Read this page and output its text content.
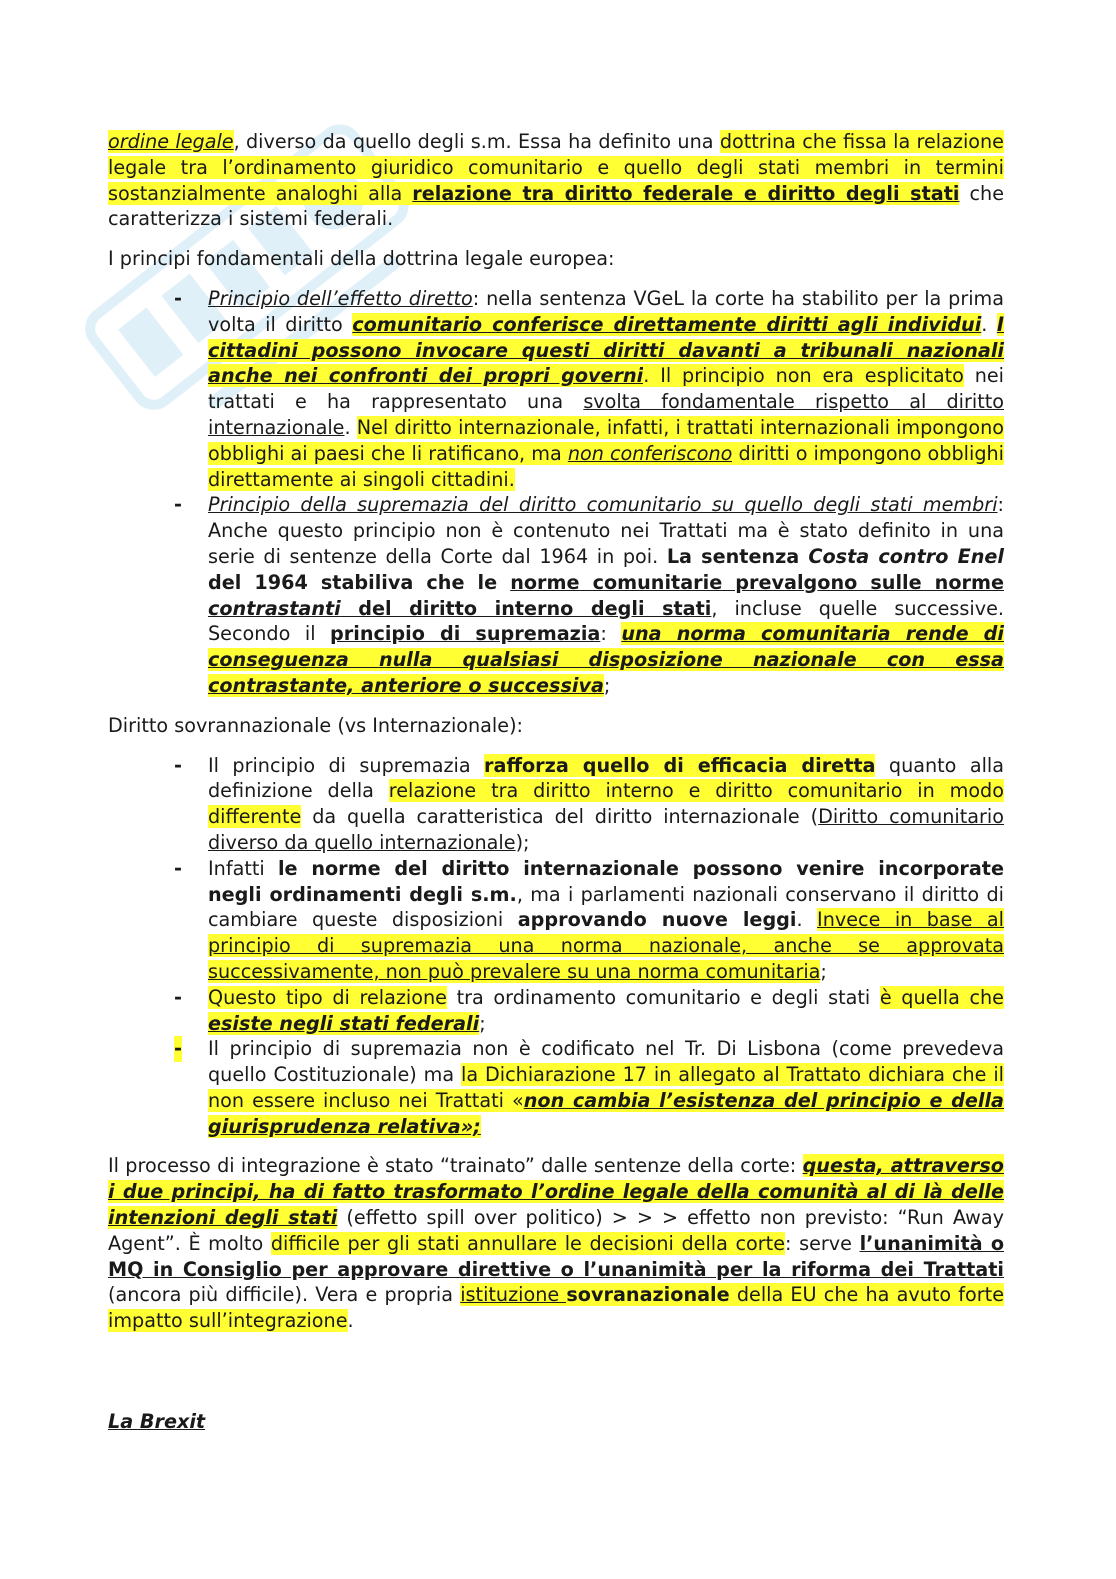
ordine legale, diverso da quello degli s.m. Essa ha definito una dottrina che fissa la relazione legale tra l’ordinamento giuridico comunitario e quello degli stati membri in termini sostanzialmente analoghi alla relazione tra diritto federale e diritto degli stati che caratterizza i sistemi federali.

I principi fondamentali della dottrina legale europea:

- Principio dell’effetto diretto: nella sentenza VGeL la corte ha stabilito per la prima volta il diritto comunitario conferisce direttamente diritti agli individui. I cittadini possono invocare questi diritti davanti a tribunali nazionali anche nei confronti dei propri governi. Il principio non era esplicitato nei trattati e ha rappresentato una svolta fondamentale rispetto al diritto internazionale. Nel diritto internazionale, infatti, i trattati internazionali impongono obblighi ai paesi che li ratificano, ma non conferiscono diritti o impongono obblighi direttamente ai singoli cittadini.
- Principio della supremazia del diritto comunitario su quello degli stati membri: Anche questo principio non è contenuto nei Trattati ma è stato definito in una serie di sentenze della Corte dal 1964 in poi. La sentenza Costa contro Enel del 1964 stabiliva che le norme comunitarie prevalgono sulle norme contrastanti del diritto interno degli stati, incluse quelle successive. Secondo il principio di supremazia: una norma comunitaria rende di conseguenza nulla qualsiasi disposizione nazionale con essa contrastante, anteriore o successiva;

Diritto sovrannazionale (vs Internazionale):

- Il principio di supremazia rafforza quello di efficacia diretta quanto alla definizione della relazione tra diritto interno e diritto comunitario in modo differente da quella caratteristica del diritto internazionale (Diritto comunitario diverso da quello internazionale);
- Infatti le norme del diritto internazionale possono venire incorporate negli ordinamenti degli s.m., ma i parlamenti nazionali conservano il diritto di cambiare queste disposizioni approvando nuove leggi. Invece in base al principio di supremazia una norma nazionale, anche se approvata successivamente, non può prevalere su una norma comunitaria;
- Questo tipo di relazione tra ordinamento comunitario e degli stati è quella che esiste negli stati federali;
- Il principio di supremazia non è codificato nel Tr. Di Lisbona (come prevedeva quello Costituzionale) ma la Dichiarazione 17 in allegato al Trattato dichiara che il non essere incluso nei Trattati «non cambia l’esistenza del principio e della giurisprudenza relativa»;

Il processo di integrazione è stato “trainato” dalle sentenze della corte: questa, attraverso i due principi, ha di fatto trasformato l’ordine legale della comunità al di là delle intenzioni degli stati (effetto spill over politico) > > > effetto non previsto: “Run Away Agent”. È molto difficile per gli stati annullare le decisioni della corte: serve l’unanimità o MQ in Consiglio per approvare direttive o l’unanimità per la riforma dei Trattati (ancora più difficile). Vera e propria istituzione sovranazionale della EU che ha avuto forte impatto sull’integrazione.

La Brexit
